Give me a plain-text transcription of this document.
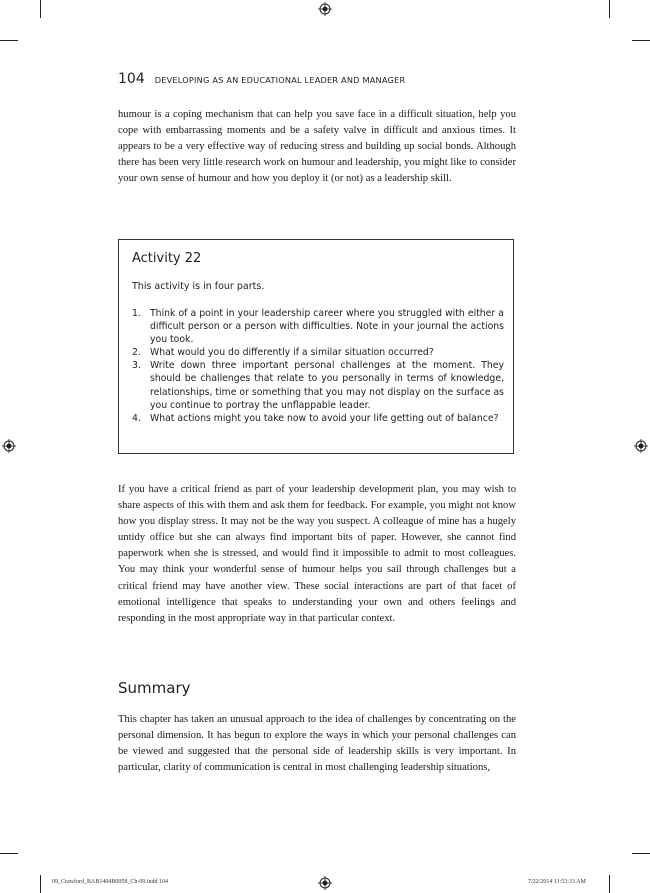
104 DEVELOPING AS AN EDUCATIONAL LEADER AND MANAGER

humour is a coping mechanism that can help you save face in a difficult situation, help you cope with embarrassing moments and be a safety valve in difficult and anxious times. It appears to be a very effective way of reducing stress and building up social bonds. Although there has been very little research work on humour and leadership, you might like to consider your own sense of humour and how you deploy it (or not) as a leadership skill.

Activity 22
This activity is in four parts.
1. Think of a point in your leadership career where you struggled with either a difficult person or a person with difficulties. Note in your journal the actions you took.
2. What would you do differently if a similar situation occurred?
3. Write down three important personal challenges at the moment. They should be challenges that relate to you personally in terms of knowledge, relationships, time or something that you may not display on the surface as you continue to portray the unflappable leader.
4. What actions might you take now to avoid your life getting out of balance?

If you have a critical friend as part of your leadership development plan, you may wish to share aspects of this with them and ask them for feedback. For example, you might not know how you display stress. It may not be the way you suspect. A colleague of mine has a hugely untidy office but she can always find important bits of paper. However, she cannot find paperwork when she is stressed, and would find it impossible to admit to most colleagues. You may think your wonderful sense of humour helps you sail through challenges but a critical friend may have another view. These social interactions are part of that facet of emotional intelligence that speaks to understanding your own and others feelings and responding in the most appropriate way in that particular context.

Summary

This chapter has taken an unusual approach to the idea of challenges by concentrating on the personal dimension. It has begun to explore the ways in which your personal challenges can be viewed and suggested that the personal side of leadership skills is very important. In particular, clarity of communication is central in most challenging leadership situations,

09_Crawford_BAB1404B0058_Ch-09.indd 104	7/22/2014 11:53:33 AM
